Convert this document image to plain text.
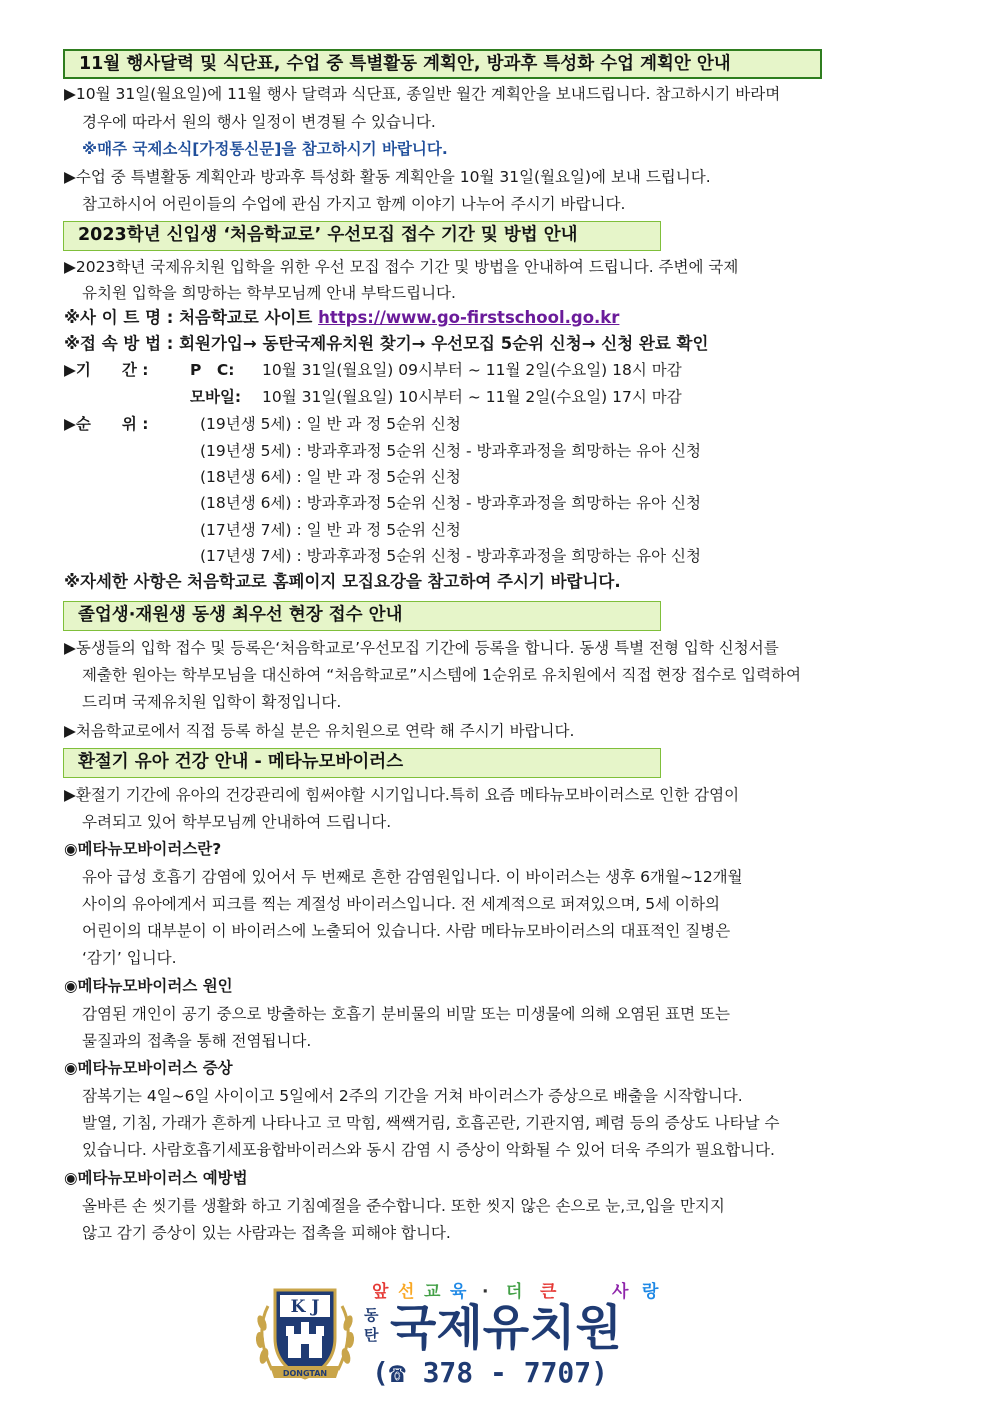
11월 행사달력 및 식단표, 수업 중 특별활동 계획안, 방과후 특성화 수업 계획안 안내
▶10월 31일(월요일)에 11월 행사 달력과 식단표, 종일반 월간 계획안을 보내드립니다. 참고하시기 바라며
경우에 따라서 원의 행사 일정이 변경될 수 있습니다.
※매주 국제소식[가정통신문]을 참고하시기 바랍니다.
▶수업 중 특별활동 계획안과 방과후 특성화 활동 계획안을 10월 31일(월요일)에 보내 드립니다.
참고하시어 어린이들의 수업에 관심 가지고 함께 이야기 나누어 주시기 바랍니다.
2023학년 신입생 ‘처음학교로’ 우선모집 접수 기간 및 방법 안내
▶2023학년 국제유치원 입학을 위한 우선 모집 접수 기간 및 방법을 안내하여 드립니다. 주변에 국제
유치원 입학을 희망하는 학부모님께 안내 부탁드립니다.
※사 이 트 명 : 처음학교로 사이트 https://www.go-firstschool.go.kr
※접 속 방 법 : 회원가입→ 동탄국제유치원 찾기→ 우선모집 5순위 신청→ 신청 완료 확인
▶기　　간 :	P　C: 10월 31일(월요일) 09시부터 ~ 11월 2일(수요일) 18시 마감
모바일: 10월 31일(월요일) 10시부터 ~ 11월 2일(수요일) 17시 마감
▶순　　위 :	(19년생 5세) : 일 반 과 정 5순위 신청
(19년생 5세) : 방과후과정 5순위 신청 - 방과후과정을 희망하는 유아 신청
(18년생 6세) : 일 반 과 정 5순위 신청
(18년생 6세) : 방과후과정 5순위 신청 - 방과후과정을 희망하는 유아 신청
(17년생 7세) : 일 반 과 정 5순위 신청
(17년생 7세) : 방과후과정 5순위 신청 - 방과후과정을 희망하는 유아 신청
※자세한 사항은 처음학교로 홈페이지 모집요강을 참고하여 주시기 바랍니다.
졸업생·재원생 동생 최우선 현장 접수 안내
▶동생들의 입학 접수 및 등록은‘처음학교로’우선모집 기간에 등록을 합니다. 동생 특별 전형 입학 신청서를
제출한 원아는 학부모님을 대신하여 “처음학교로”시스템에 1순위로 유치원에서 직접 현장 접수로 입력하여
드리며 국제유치원 입학이 확정입니다.
▶처음학교로에서 직접 등록 하실 분은 유치원으로 연락 해 주시기 바랍니다.
환절기 유아 건강 안내 - 메타뉴모바이러스
▶환절기 기간에 유아의 건강관리에 힘써야할 시기입니다.특히 요즘 메타뉴모바이러스로 인한 감염이
우려되고 있어 학부모님께 안내하여 드립니다.
◉메타뉴모바이러스란?
유아 급성 호흡기 감염에 있어서 두 번째로 흔한 감염원입니다. 이 바이러스는 생후 6개월~12개월
사이의 유아에게서 피크를 찍는 계절성 바이러스입니다. 전 세계적으로 퍼져있으며, 5세 이하의
어린이의 대부분이 이 바이러스에 노출되어 있습니다. 사람 메타뉴모바이러스의 대표적인 질병은
‘감기’ 입니다.
◉메타뉴모바이러스 원인
감염된 개인이 공기 중으로 방출하는 호흡기 분비물의 비말 또는 미생물에 의해 오염된 표면 또는
물질과의 접촉을 통해 전염됩니다.
◉메타뉴모바이러스 증상
잠복기는 4일~6일 사이이고 5일에서 2주의 기간을 거쳐 바이러스가 증상으로 배출을 시작합니다.
발열, 기침, 가래가 흔하게 나타나고 코 막힘, 쌕쌕거림, 호흡곤란, 기관지염, 폐렴 등의 증상도 나타날 수
있습니다. 사람호흡기세포융합바이러스와 동시 감염 시 증상이 악화될 수 있어 더욱 주의가 필요합니다.
◉메타뉴모바이러스 예방법
올바른 손 씻기를 생활화 하고 기침예절을 준수합니다. 또한 씻지 않은 손으로 눈,코,입을 만지지
않고 감기 증상이 있는 사람과는 접촉을 피해야 합니다.
K J
DONGTAN
앞 선 교 육 · 더 큰	사 랑
동
탄 국제유치원
(☎ 378 - 7707)
